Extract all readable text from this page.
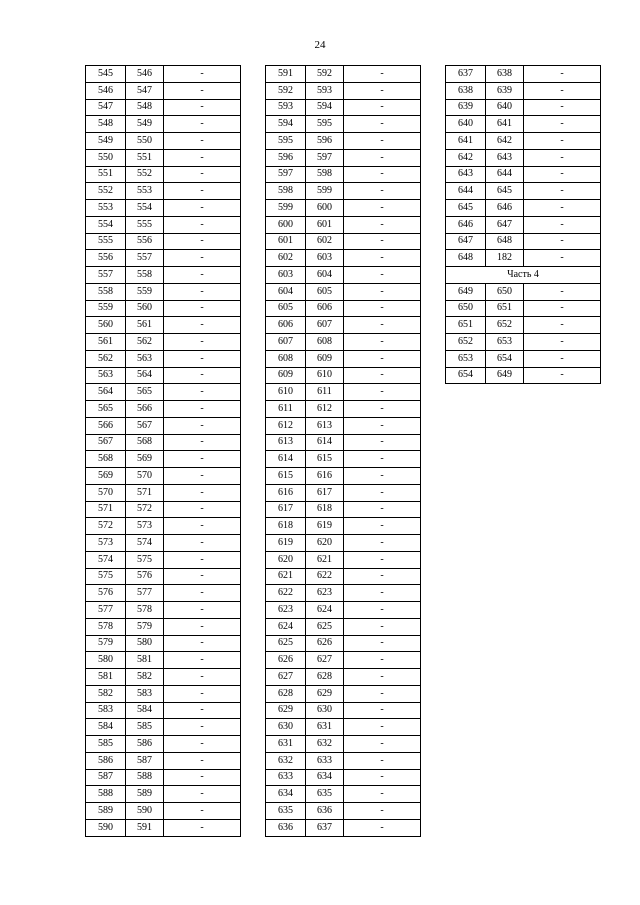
24
545	546	-
546	547	-
547	548	-
548	549	-
549	550	-
550	551	-
551	552	-
552	553	-
553	554	-
554	555	-
555	556	-
556	557	-
557	558	-
558	559	-
559	560	-
560	561	-
561	562	-
562	563	-
563	564	-
564	565	-
565	566	-
566	567	-
567	568	-
568	569	-
569	570	-
570	571	-
571	572	-
572	573	-
573	574	-
574	575	-
575	576	-
576	577	-
577	578	-
578	579	-
579	580	-
580	581	-
581	582	-
582	583	-
583	584	-
584	585	-
585	586	-
586	587	-
587	588	-
588	589	-
589	590	-
590	591	-
591	592	-
592	593	-
593	594	-
594	595	-
595	596	-
596	597	-
597	598	-
598	599	-
599	600	-
600	601	-
601	602	-
602	603	-
603	604	-
604	605	-
605	606	-
606	607	-
607	608	-
608	609	-
609	610	-
610	611	-
611	612	-
612	613	-
613	614	-
614	615	-
615	616	-
616	617	-
617	618	-
618	619	-
619	620	-
620	621	-
621	622	-
622	623	-
623	624	-
624	625	-
625	626	-
626	627	-
627	628	-
628	629	-
629	630	-
630	631	-
631	632	-
632	633	-
633	634	-
634	635	-
635	636	-
636	637	-
637	638	-
638	639	-
639	640	-
640	641	-
641	642	-
642	643	-
643	644	-
644	645	-
645	646	-
646	647	-
647	648	-
648	182	-
Часть 4		
649	650	-
650	651	-
651	652	-
652	653	-
653	654	-
654	649	-
